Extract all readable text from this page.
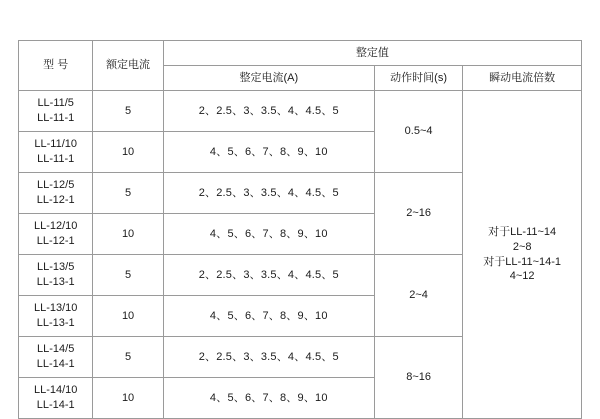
型 号	额定电流	整定值		
		整定电流(A)	动作时间(s)	瞬动电流倍数

LL-11/5
LL-11-1	5	2、2.5、3、3.5、4、4.5、5	0.5~4	对于LL-11~14
2~8
对于LL-11~14-1
4~12

LL-11/10
LL-11-1	10	4、5、6、7、8、9、10		

LL-12/5
LL-12-1	5	2、2.5、3、3.5、4、4.5、5	2~16	

LL-12/10
LL-12-1	10	4、5、6、7、8、9、10		

LL-13/5
LL-13-1	5	2、2.5、3、3.5、4、4.5、5	2~4	

LL-13/10
LL-13-1	10	4、5、6、7、8、9、10		

LL-14/5
LL-14-1	5	2、2.5、3、3.5、4、4.5、5	8~16	

LL-14/10
LL-14-1	10	4、5、6、7、8、9、10		
